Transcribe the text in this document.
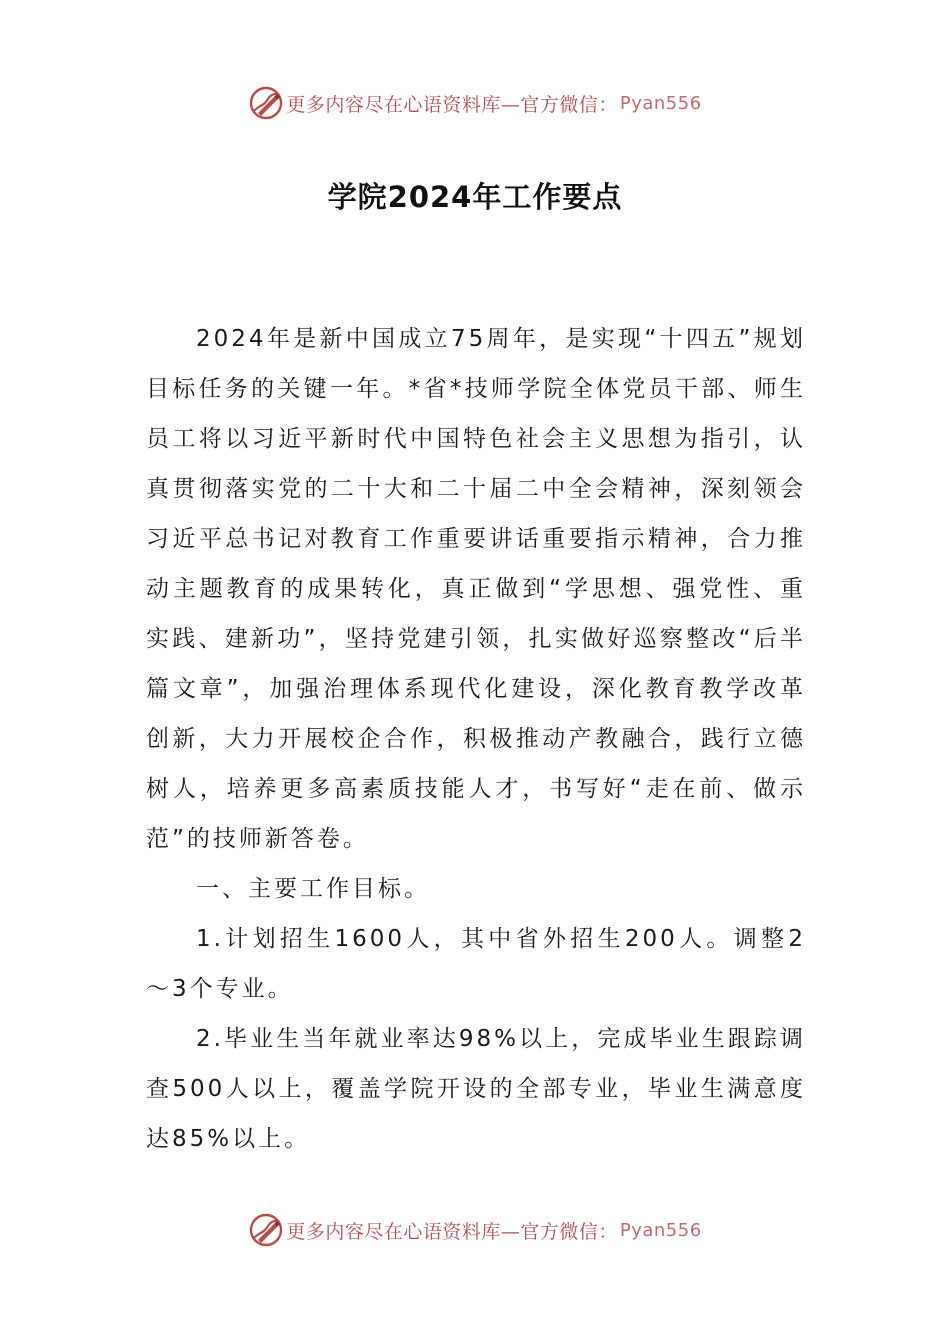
更多内容尽在心语资料库—官方微信： Pyan556
学院2024年工作要点

2024年是新中国成立75周年，是实现“十四五”规划目标任务的关键一年。*省*技师学院全体党员干部、师生员工将以习近平新时代中国特色社会主义思想为指引，认真贯彻落实党的二十大和二十届二中全会精神，深刻领会习近平总书记对教育工作重要讲话重要指示精神，合力推动主题教育的成果转化，真正做到“学思想、强党性、重实践、建新功”，坚持党建引领，扎实做好巡察整改“后半篇文章”，加强治理体系现代化建设，深化教育教学改革创新，大力开展校企合作，积极推动产教融合，践行立德树人，培养更多高素质技能人才，书写好“走在前、做示范”的技师新答卷。

一、主要工作目标。

1.计划招生1600人，其中省外招生200人。调整2～3个专业。

2.毕业生当年就业率达98%以上，完成毕业生跟踪调查500人以上，覆盖学院开设的全部专业，毕业生满意度达85%以上。

更多内容尽在心语资料库—官方微信： Pyan556
